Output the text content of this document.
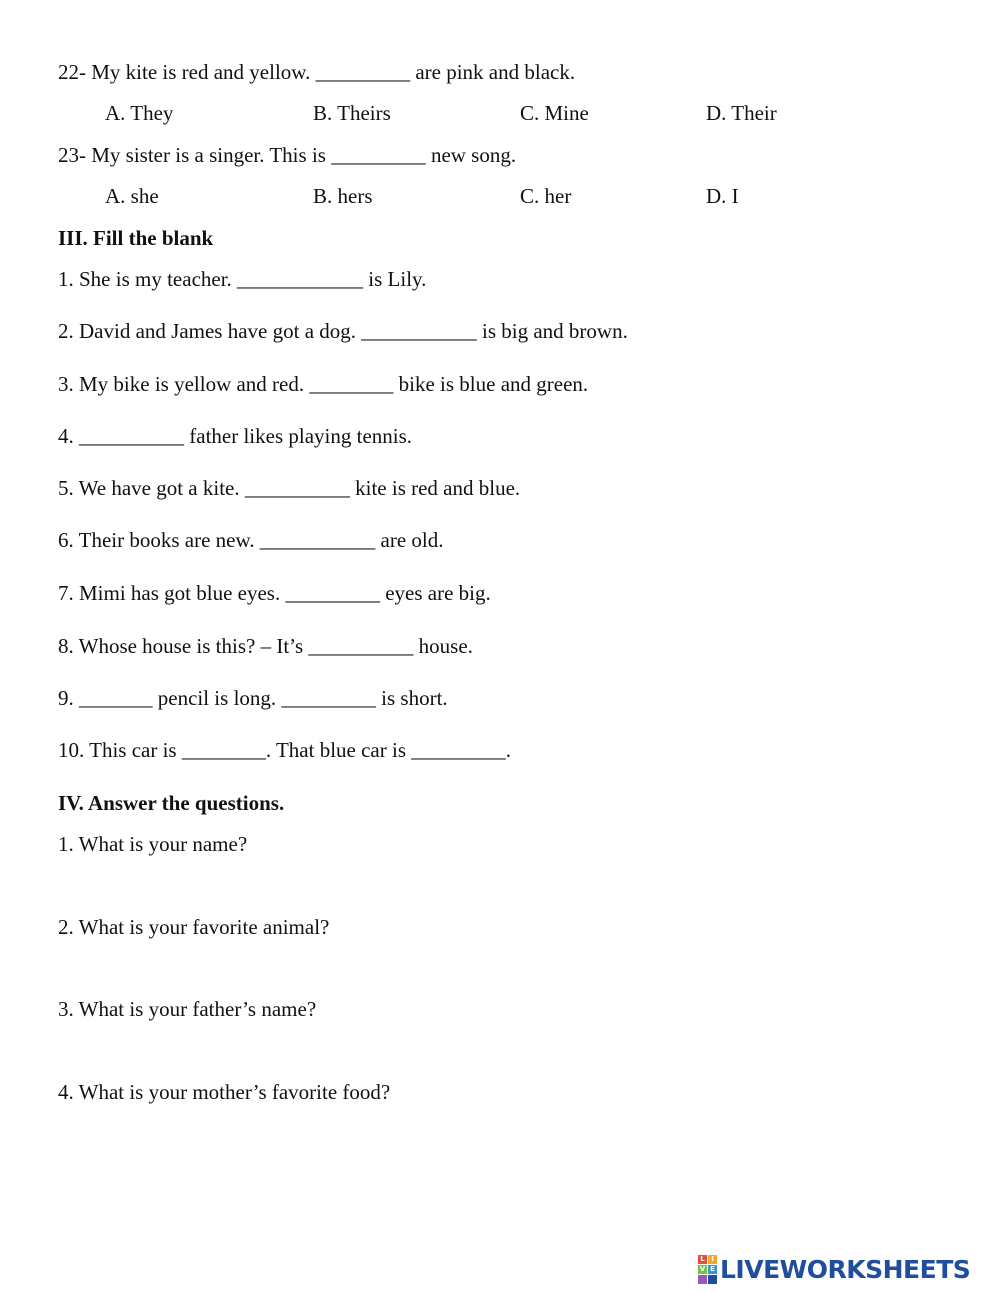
22- My kite is red and yellow. _________ are pink and black.
A. They	B. Theirs	C. Mine	D. Their
23- My sister is a singer. This is _________ new song.
A. she	B. hers	C. her	D. I
III. Fill the blank
1. She is my teacher. ____________ is Lily.
2. David and James have got a dog. ___________ is big and brown.
3. My bike is yellow and red. ________ bike is blue and green.
4. __________ father likes playing tennis.
5. We have got a kite. __________ kite is red and blue.
6. Their books are new. ___________ are old.
7. Mimi has got blue eyes. _________ eyes are big.
8. Whose house is this? – It’s __________ house.
9. _______ pencil is long. _________ is short.
10. This car is ________. That blue car is _________.
IV. Answer the questions.
1. What is your name?
2. What is your favorite animal?
3. What is your father’s name?
4. What is your mother’s favorite food?
L I
V E LIVEWORKSHEETS
